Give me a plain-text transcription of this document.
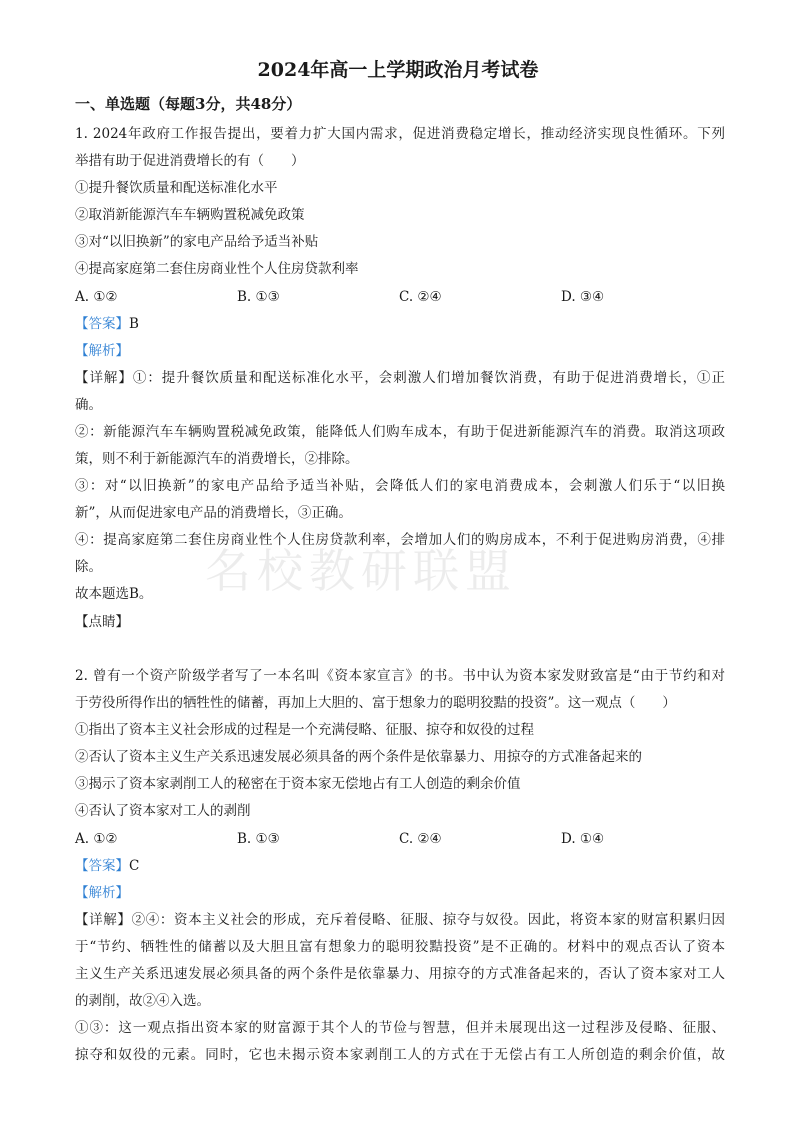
名校教研联盟
2024年高一上学期政治月考试卷
一、单选题（每题3分，共48分）
1. 2024年政府工作报告提出，要着力扩大国内需求，促进消费稳定增长，推动经济实现良性循环。下列
举措有助于促进消费增长的有（　　）
①提升餐饮质量和配送标准化水平
②取消新能源汽车车辆购置税减免政策
③对“以旧换新”的家电产品给予适当补贴
④提高家庭第二套住房商业性个人住房贷款利率
A. ①②	B. ①③	C. ②④	D. ③④
【答案】B
【解析】
【详解】①：提升餐饮质量和配送标准化水平，会刺激人们增加餐饮消费，有助于促进消费增长，①正
确。
②：新能源汽车车辆购置税减免政策，能降低人们购车成本，有助于促进新能源汽车的消费。取消这项政
策，则不利于新能源汽车的消费增长，②排除。
③：对“以旧换新”的家电产品给予适当补贴，会降低人们的家电消费成本，会刺激人们乐于“以旧换
新”，从而促进家电产品的消费增长，③正确。
④：提高家庭第二套住房商业性个人住房贷款利率，会增加人们的购房成本，不利于促进购房消费，④排
除。
故本题选B。
【点睛】
2. 曾有一个资产阶级学者写了一本名叫《资本家宣言》的书。书中认为资本家发财致富是“由于节约和对
于劳役所得作出的牺牲性的储蓄，再加上大胆的、富于想象力的聪明狡黠的投资”。这一观点（　　）
①指出了资本主义社会形成的过程是一个充满侵略、征服、掠夺和奴役的过程
②否认了资本主义生产关系迅速发展必须具备的两个条件是依靠暴力、用掠夺的方式准备起来的
③揭示了资本家剥削工人的秘密在于资本家无偿地占有工人创造的剩余价值
④否认了资本家对工人的剥削
A. ①②	B. ①③	C. ②④	D. ①④
【答案】C
【解析】
【详解】②④：资本主义社会的形成，充斥着侵略、征服、掠夺与奴役。因此，将资本家的财富积累归因
于“节约、牺牲性的储蓄以及大胆且富有想象力的聪明狡黠投资”是不正确的。材料中的观点否认了资本
主义生产关系迅速发展必须具备的两个条件是依靠暴力、用掠夺的方式准备起来的，否认了资本家对工人
的剥削，故②④入选。
①③：这一观点指出资本家的财富源于其个人的节俭与智慧，但并未展现出这一过程涉及侵略、征服、
掠夺和奴役的元素。同时，它也未揭示资本家剥削工人的方式在于无偿占有工人所创造的剩余价值，故
